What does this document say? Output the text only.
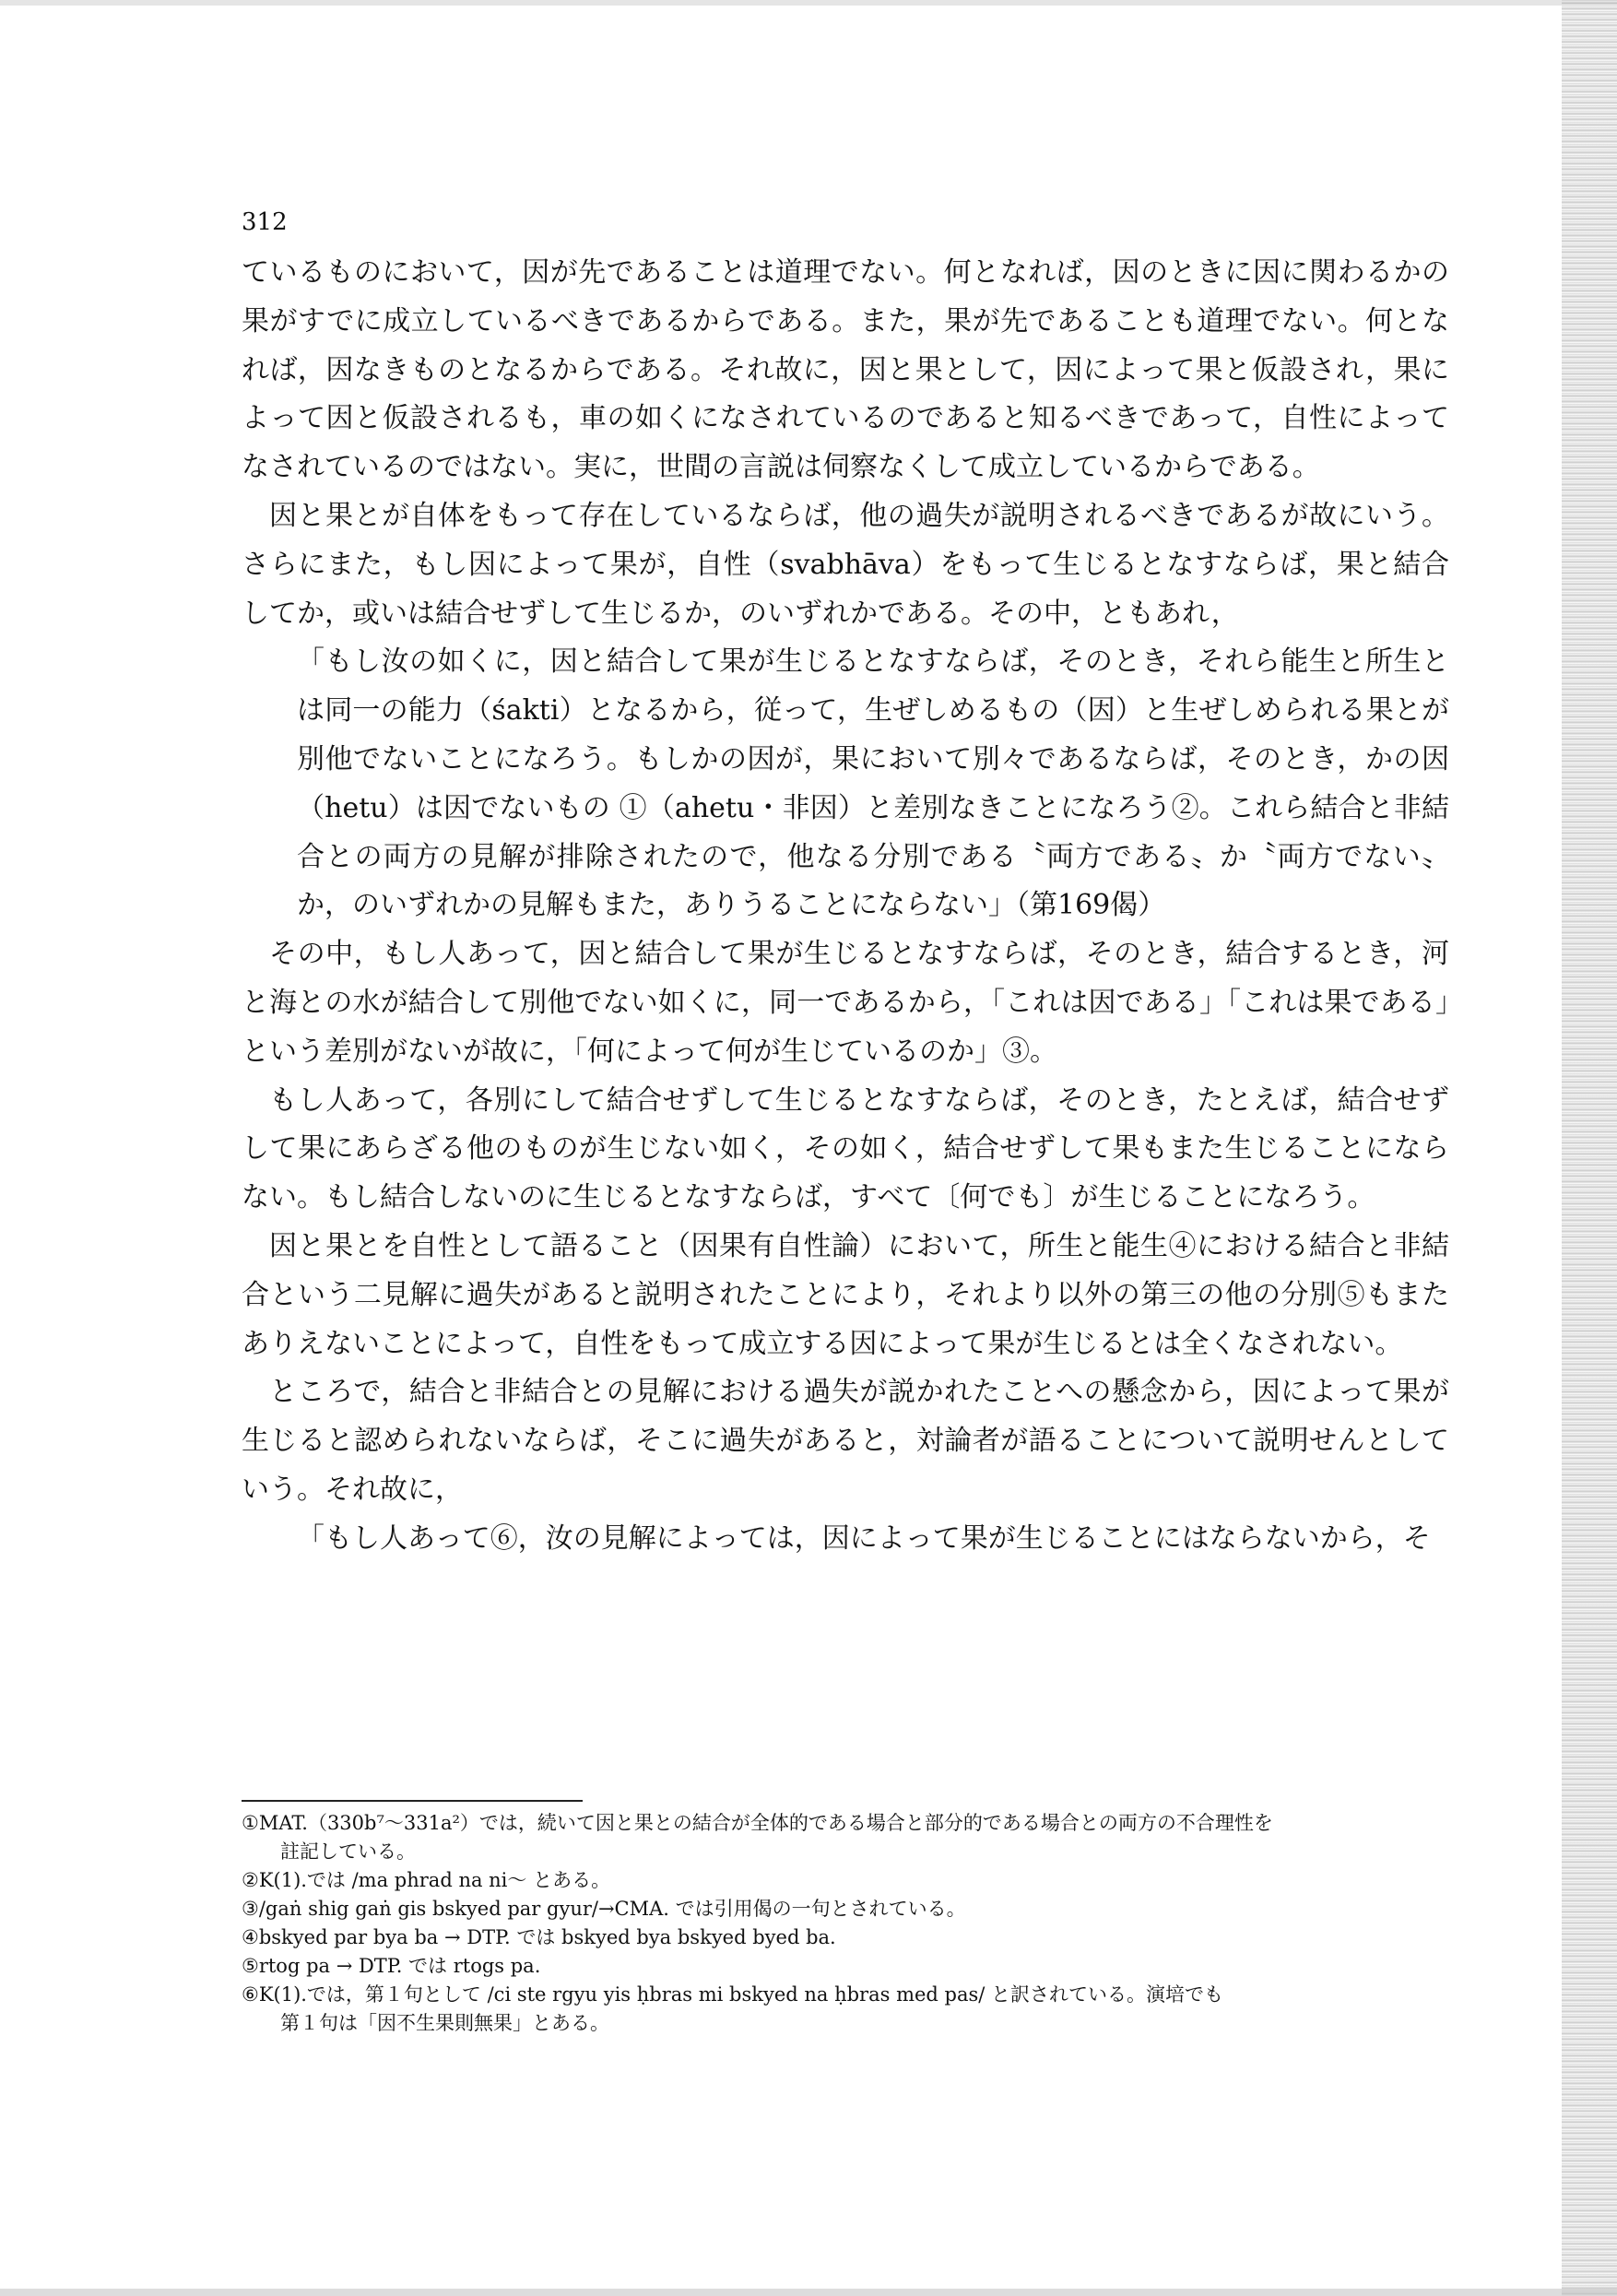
312

ているものにおいて，因が先であることは道理でない。何となれば，因のときに因に関わるかの果がすでに成立しているべきであるからである。また，果が先であることも道理でない。何となれば，因なきものとなるからである。それ故に，因と果として，因によって果と仮設され，果によって因と仮設されるも，車の如くになされているのであると知るべきであって，自性によってなされているのではない。実に，世間の言説は伺察なくして成立しているからである。

因と果とが自体をもって存在しているならば，他の過失が説明されるべきであるが故にいう。さらにまた，もし因によって果が，自性（svabhāva）をもって生じるとなすならば，果と結合してか，或いは結合せずして生じるか，のいずれかである。その中，ともあれ，

「もし汝の如くに，因と結合して果が生じるとなすならば，そのとき，それら能生と所生とは同一の能力（śakti）となるから，従って，生ぜしめるもの（因）と生ぜしめられる果とが別他でないことになろう。もしかの因が，果において別々であるならば，そのとき，かの因（hetu）は因でないもの ①（ahetu・非因）と差別なきことになろう②。これら結合と非結合との両方の見解が排除されたので，他なる分別である〝両方である〟か〝両方でない〟か，のいずれかの見解もまた，ありうることにならない」（第169偈）

その中，もし人あって，因と結合して果が生じるとなすならば，そのとき，結合するとき，河と海との水が結合して別他でない如くに，同一であるから，「これは因である」「これは果である」という差別がないが故に，「何によって何が生じているのか」③。

もし人あって，各別にして結合せずして生じるとなすならば，そのとき，たとえば，結合せずして果にあらざる他のものが生じない如く，その如く，結合せずして果もまた生じることにならない。もし結合しないのに生じるとなすならば，すべて〔何でも〕が生じることになろう。

因と果とを自性として語ること（因果有自性論）において，所生と能生④における結合と非結合という二見解に過失があると説明されたことにより，それより以外の第三の他の分別⑤もまたありえないことによって，自性をもって成立する因によって果が生じるとは全くなされない。

ところで，結合と非結合との見解における過失が説かれたことへの懸念から，因によって果が生じると認められないならば，そこに過失があると，対論者が語ることについて説明せんとしていう。それ故に，

「もし人あって⑥，汝の見解によっては，因によって果が生じることにはならないから，そ

①MAT.（330b⁷～331a²）では，続いて因と果との結合が全体的である場合と部分的である場合との両方の不合理性を

註記している。

②K(1).では /ma phrad na ni～ とある。

③/gaṅ shig gaṅ gis bskyed par gyur/→CMA. では引用偈の一句とされている。

④bskyed par bya ba → DTP. では bskyed bya bskyed byed ba.

⑤rtog pa → DTP. では rtogs pa.

⑥K(1).では，第１句として /ci ste rgyu yis ḥbras mi bskyed na ḥbras med pas/ と訳されている。演培でも

第１句は「因不生果則無果」とある。
